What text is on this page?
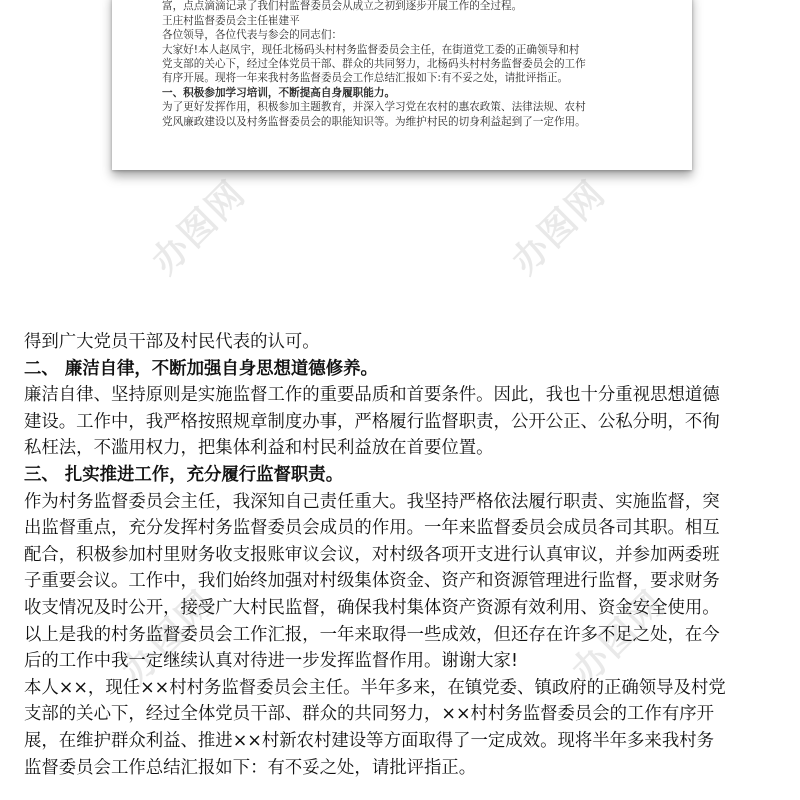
富，点点滴滴记录了我们村监督委员会从成立之初到逐步开展工作的全过程。

王庄村监督委员会主任崔建平

各位领导，各位代表与参会的同志们：

大家好!本人赵凤宇，现任北杨码头村村务监督委员会主任，在街道党工委的正确领导和村

党支部的关心下，经过全体党员干部、群众的共同努力，北杨码头村村务监督委员会的工作

有序开展。现将一年来我村务监督委员会工作总结汇报如下:有不妥之处，请批评指正。

一、积极参加学习培训，不断提高自身履职能力。

为了更好发挥作用，积极参加主题教育，并深入学习党在农村的惠农政策、法律法规、农村

党风廉政建设以及村务监督委员会的职能知识等。为维护村民的切身利益起到了一定作用。

办图网	办图网

得到广大党员干部及村民代表的认可。

二、 廉洁自律，不断加强自身思想道德修养。

廉洁自律、坚持原则是实施监督工作的重要品质和首要条件。因此，我也十分重视思想道德

建设。工作中，我严格按照规章制度办事，严格履行监督职责，公开公正、公私分明，不徇

私枉法，不滥用权力，把集体利益和村民利益放在首要位置。

三、 扎实推进工作，充分履行监督职责。

作为村务监督委员会主任，我深知自己责任重大。我坚持严格依法履行职责、实施监督，突

出监督重点，充分发挥村务监督委员会成员的作用。一年来监督委员会成员各司其职。相互

配合，积极参加村里财务收支报账审议会议，对村级各项开支进行认真审议，并参加两委班

子重要会议。工作中，我们始终加强对村级集体资金、资产和资源管理进行监督，要求财务

收支情况及时公开，接受广大村民监督，确保我村集体资产资源有效利用、资金安全使用。

以上是我的村务监督委员会工作汇报，一年来取得一些成效，但还存在许多不足之处，在今

后的工作中我一定继续认真对待进一步发挥监督作用。谢谢大家!

本人××，现任××村村务监督委员会主任。半年多来，在镇党委、镇政府的正确领导及村党

支部的关心下，经过全体党员干部、群众的共同努力，××村村务监督委员会的工作有序开

展，在维护群众利益、推进××村新农村建设等方面取得了一定成效。现将半年多来我村务

监督委员会工作总结汇报如下：有不妥之处，请批评指正。
